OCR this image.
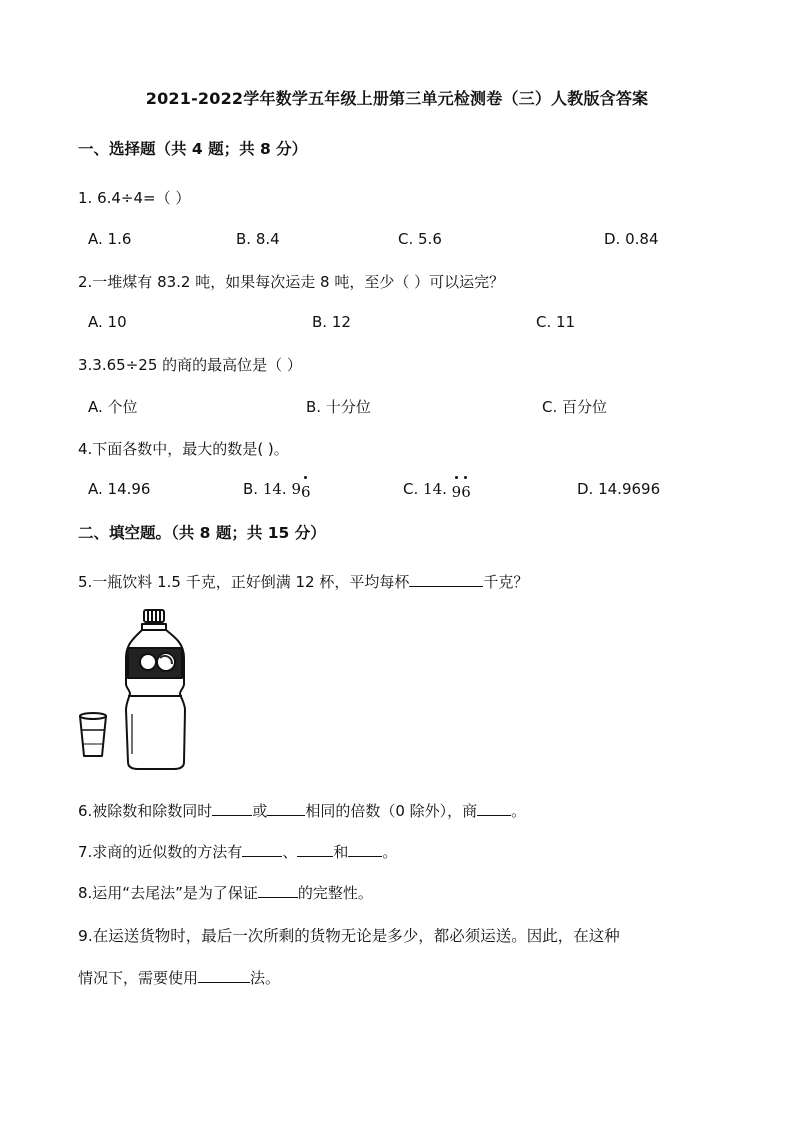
2021-2022学年数学五年级上册第三单元检测卷（三）人教版含答案
一、选择题（共 4 题；共 8 分）
1. 6.4÷4=（ ）
A. 1.6	B. 8.4	C. 5.6	D. 0.84
2.一堆煤有 83.2 吨，如果每次运走 8 吨，至少（ ）可以运完？
A. 10	B. 12	C. 11
3.3.65÷25 的商的最高位是（ ）
A. 个位	B. 十分位	C. 百分位
4.下面各数中，最大的数是( )。
A. 14.96	B. 14. 9
6	C. 14. 9
6	D. 14.9696
二、填空题。（共 8 题；共 15 分）
5.一瓶饮料 1.5 千克，正好倒满 12 杯，平均每杯	千克？
6.被除数和除数同时	或	相同的倍数（0 除外），商 。
7.求商的近似数的方法有	、 和 。
8.运用“去尾法”是为了保证	的完整性。
9.在运送货物时，最后一次所剩的货物无论是多少，都必须运送。因此，在这种
情况下，需要使用	法。
